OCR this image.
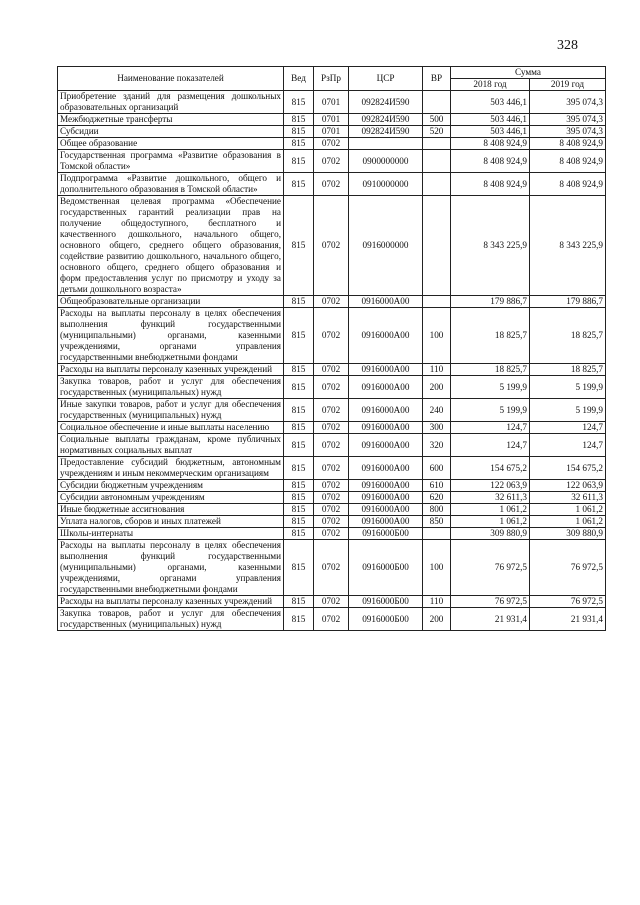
328
Наименование показателей	Вед	РзПр	ЦСР	ВР	Сумма	
					2018 год	2019 год
Приобретение зданий для размещения дошкольных образовательных организаций	815	0701	092824И590		503 446,1	395 074,3
Межбюджетные трансферты	815	0701	092824И590	500	503 446,1	395 074,3
Субсидии	815	0701	092824И590	520	503 446,1	395 074,3
Общее образование	815	0702			8 408 924,9	8 408 924,9
Государственная программа «Развитие образования в Томской области»	815	0702	0900000000		8 408 924,9	8 408 924,9
Подпрограмма «Развитие дошкольного, общего и дополнительного образования в Томской области»	815	0702	0910000000		8 408 924,9	8 408 924,9
Ведомственная целевая программа «Обеспечение государственных гарантий реализации прав на получение общедоступного, бесплатного и качественного дошкольного, начального общего, основного общего, среднего общего образования, содействие развитию дошкольного, начального общего, основного общего, среднего общего образования и форм предоставления услуг по присмотру и уходу за детьми дошкольного возраста»	815	0702	0916000000		8 343 225,9	8 343 225,9
Общеобразовательные организации	815	0702	0916000А00		179 886,7	179 886,7
Расходы на выплаты персоналу в целях обеспечения выполнения функций государственными (муниципальными) органами, казенными учреждениями, органами управления государственными внебюджетными фондами	815	0702	0916000А00	100	18 825,7	18 825,7
Расходы на выплаты персоналу казенных учреждений	815	0702	0916000А00	110	18 825,7	18 825,7
Закупка товаров, работ и услуг для обеспечения государственных (муниципальных) нужд	815	0702	0916000А00	200	5 199,9	5 199,9
Иные закупки товаров, работ и услуг для обеспечения государственных (муниципальных) нужд	815	0702	0916000А00	240	5 199,9	5 199,9
Социальное обеспечение и иные выплаты населению	815	0702	0916000А00	300	124,7	124,7
Социальные выплаты гражданам, кроме публичных нормативных социальных выплат	815	0702	0916000А00	320	124,7	124,7
Предоставление субсидий бюджетным, автономным учреждениям и иным некоммерческим организациям	815	0702	0916000А00	600	154 675,2	154 675,2
Субсидии бюджетным учреждениям	815	0702	0916000А00	610	122 063,9	122 063,9
Субсидии автономным учреждениям	815	0702	0916000А00	620	32 611,3	32 611,3
Иные бюджетные ассигнования	815	0702	0916000А00	800	1 061,2	1 061,2
Уплата налогов, сборов и иных платежей	815	0702	0916000А00	850	1 061,2	1 061,2
Школы-интернаты	815	0702	0916000Б00		309 880,9	309 880,9
Расходы на выплаты персоналу в целях обеспечения выполнения функций государственными (муниципальными) органами, казенными учреждениями, органами управления государственными внебюджетными фондами	815	0702	0916000Б00	100	76 972,5	76 972,5
Расходы на выплаты персоналу казенных учреждений	815	0702	0916000Б00	110	76 972,5	76 972,5
Закупка товаров, работ и услуг для обеспечения государственных (муниципальных) нужд	815	0702	0916000Б00	200	21 931,4	21 931,4
